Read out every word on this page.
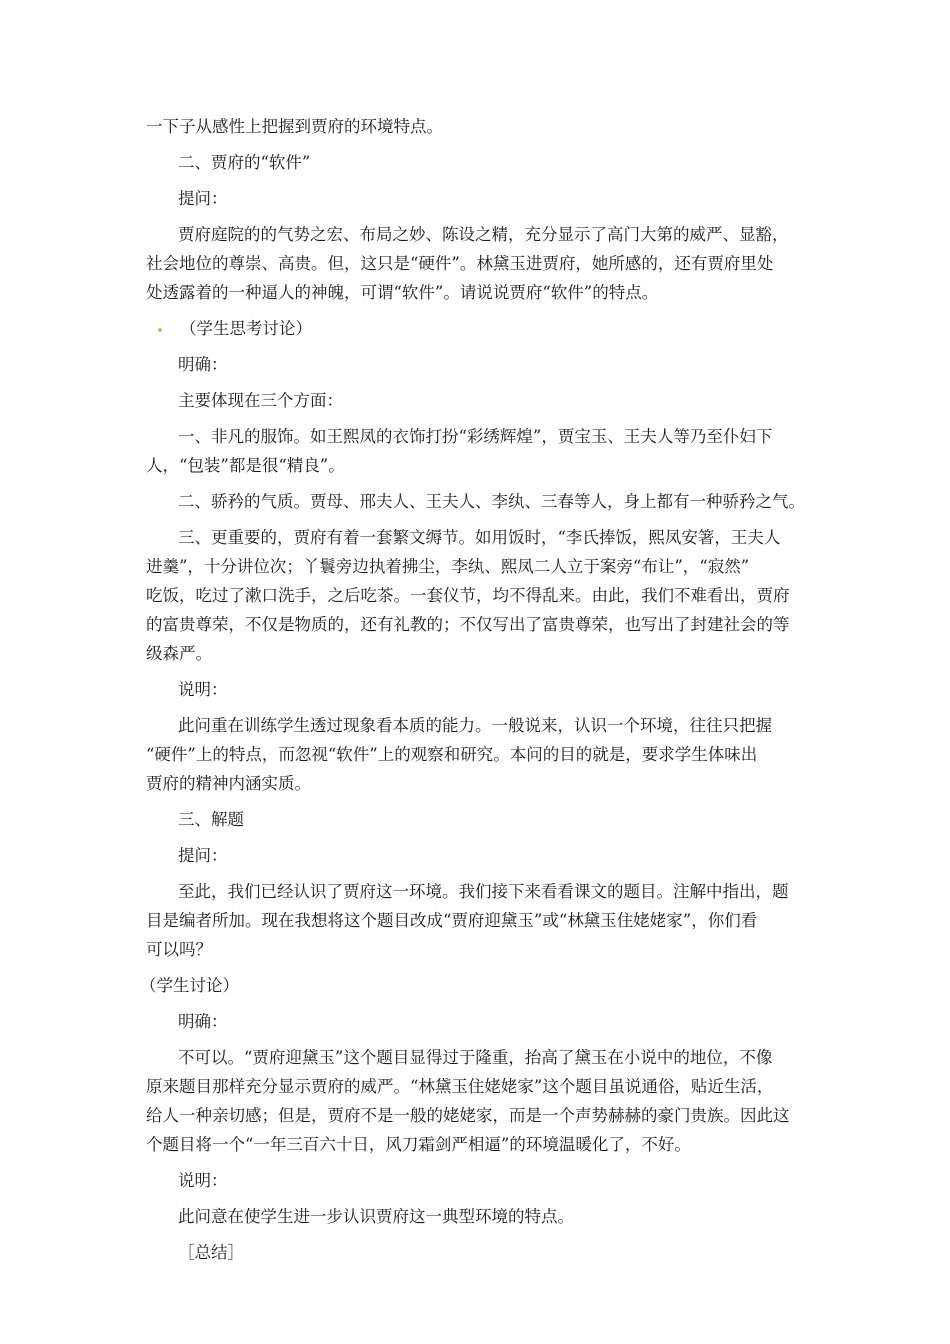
一下子从感性上把握到贾府的环境特点。
二、贾府的“软件”
提问：
贾府庭院的的气势之宏、布局之妙、陈设之精，充分显示了高门大第的威严、显豁，
社会地位的尊崇、高贵。但，这只是“硬件”。林黛玉进贾府，她所感的，还有贾府里处
处透露着的一种逼人的神魄，可谓“软件”。请说说贾府“软件”的特点。
（学生思考讨论）
明确：
主要体现在三个方面：
一、非凡的服饰。如王熙凤的衣饰打扮“彩绣辉煌”，贾宝玉、王夫人等乃至仆妇下
人，“包装”都是很“精良”。
二、骄矜的气质。贾母、邢夫人、王夫人、李纨、三春等人，身上都有一种骄矜之气。
三、更重要的，贾府有着一套繁文缛节。如用饭时，“李氏捧饭，熙凤安箸，王夫人
进羹”，十分讲位次；丫鬟旁边执着拂尘，李纨、熙凤二人立于案旁“布让”，“寂然”
吃饭，吃过了漱口洗手，之后吃茶。一套仪节，均不得乱来。由此，我们不难看出，贾府
的富贵尊荣，不仅是物质的，还有礼教的；不仅写出了富贵尊荣，也写出了封建社会的等
级森严。
说明：
此问重在训练学生透过现象看本质的能力。一般说来，认识一个环境，往往只把握
“硬件”上的特点，而忽视“软件”上的观察和研究。本问的目的就是，要求学生体味出
贾府的精神内涵实质。
三、解题
提问：
至此，我们已经认识了贾府这一环境。我们接下来看看课文的题目。注解中指出，题
目是编者所加。现在我想将这个题目改成“贾府迎黛玉”或“林黛玉住姥姥家”，你们看
可以吗？
（学生讨论）
明确：
不可以。“贾府迎黛玉”这个题目显得过于隆重，抬高了黛玉在小说中的地位，不像
原来题目那样充分显示贾府的威严。“林黛玉住姥姥家”这个题目虽说通俗，贴近生活，
给人一种亲切感；但是，贾府不是一般的姥姥家，而是一个声势赫赫的豪门贵族。因此这
个题目将一个“一年三百六十日，风刀霜剑严相逼”的环境温暖化了，不好。
说明：
此问意在使学生进一步认识贾府这一典型环境的特点。
［总结］
